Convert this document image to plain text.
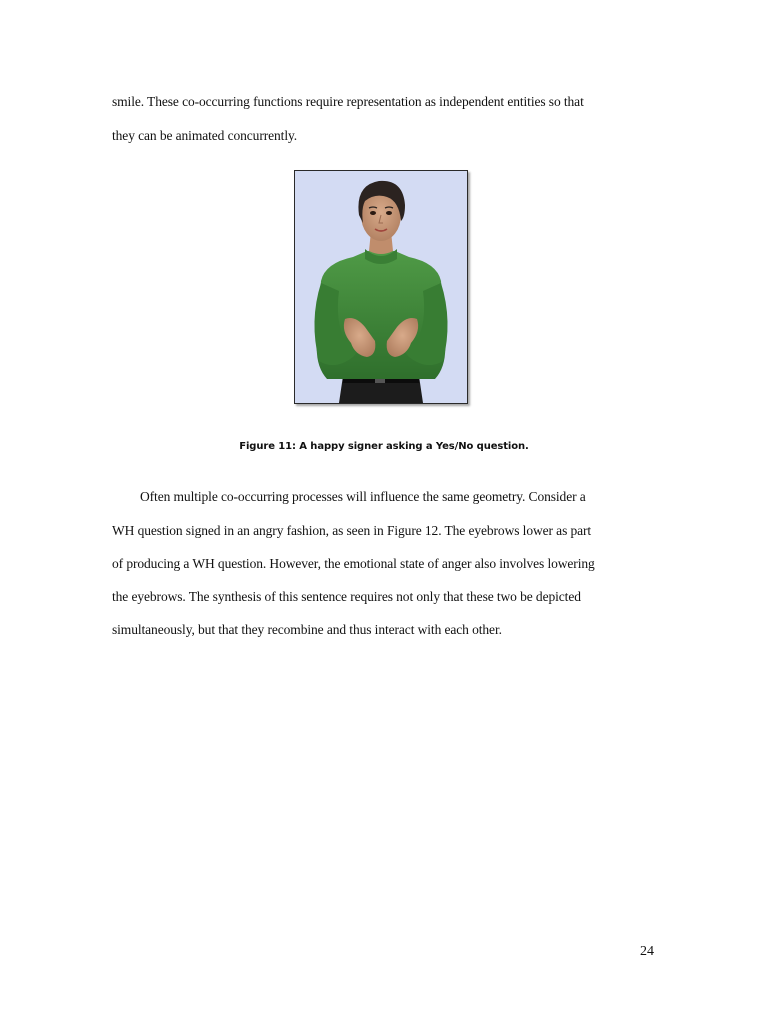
smile. These co-occurring functions require representation as independent entities so that
they can be animated concurrently.
Figure 11: A happy signer asking a Yes/No question.
Often multiple co-occurring processes will influence the same geometry. Consider a
WH question signed in an angry fashion, as seen in Figure 12. The eyebrows lower as part
of producing a WH question. However, the emotional state of anger also involves lowering
the eyebrows. The synthesis of this sentence requires not only that these two be depicted
simultaneously, but that they recombine and thus interact with each other.
24
